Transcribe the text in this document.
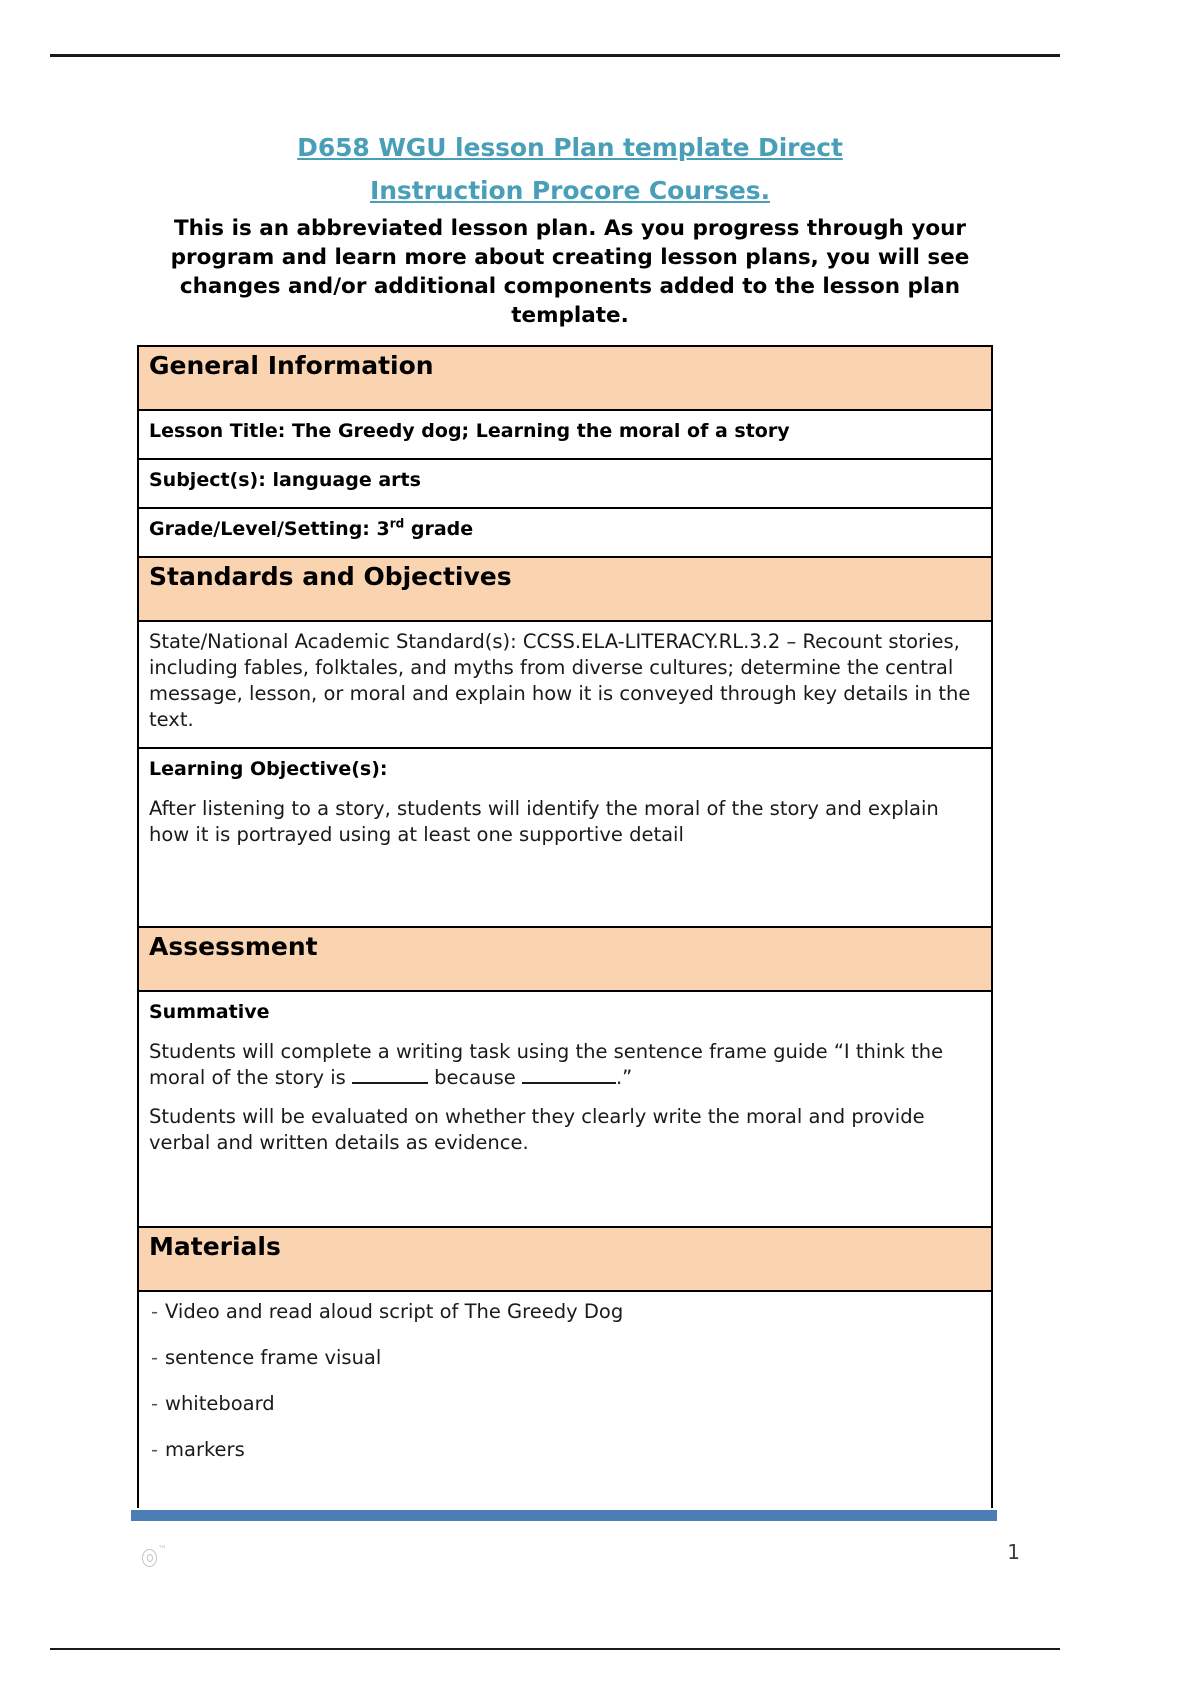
D658 WGU lesson Plan template Direct
Instruction Procore Courses.
This is an abbreviated lesson plan. As you progress through your program and learn more about creating lesson plans, you will see changes and/or additional components added to the lesson plan template.
General Information

Lesson Title: The Greedy dog; Learning the moral of a story

Subject(s): language arts

Grade/Level/Setting: 3rd grade

Standards and Objectives

State/National Academic Standard(s): CCSS.ELA-LITERACY.RL.3.2 – Recount stories, including fables, folktales, and myths from diverse cultures; determine the central message, lesson, or moral and explain how it is conveyed through key details in the text.

Learning Objective(s):
After listening to a story, students will identify the moral of the story and explain how it is portrayed using at least one supportive detail

Assessment

Summative

Students will complete a writing task using the sentence frame guide “I think the moral of the story is	because	.”

Students will be evaluated on whether they clearly write the moral and provide verbal and written details as evidence.

Materials

- Video and read aloud script of The Greedy Dog
- sentence frame visual
- whiteboard
- markers
™	1
